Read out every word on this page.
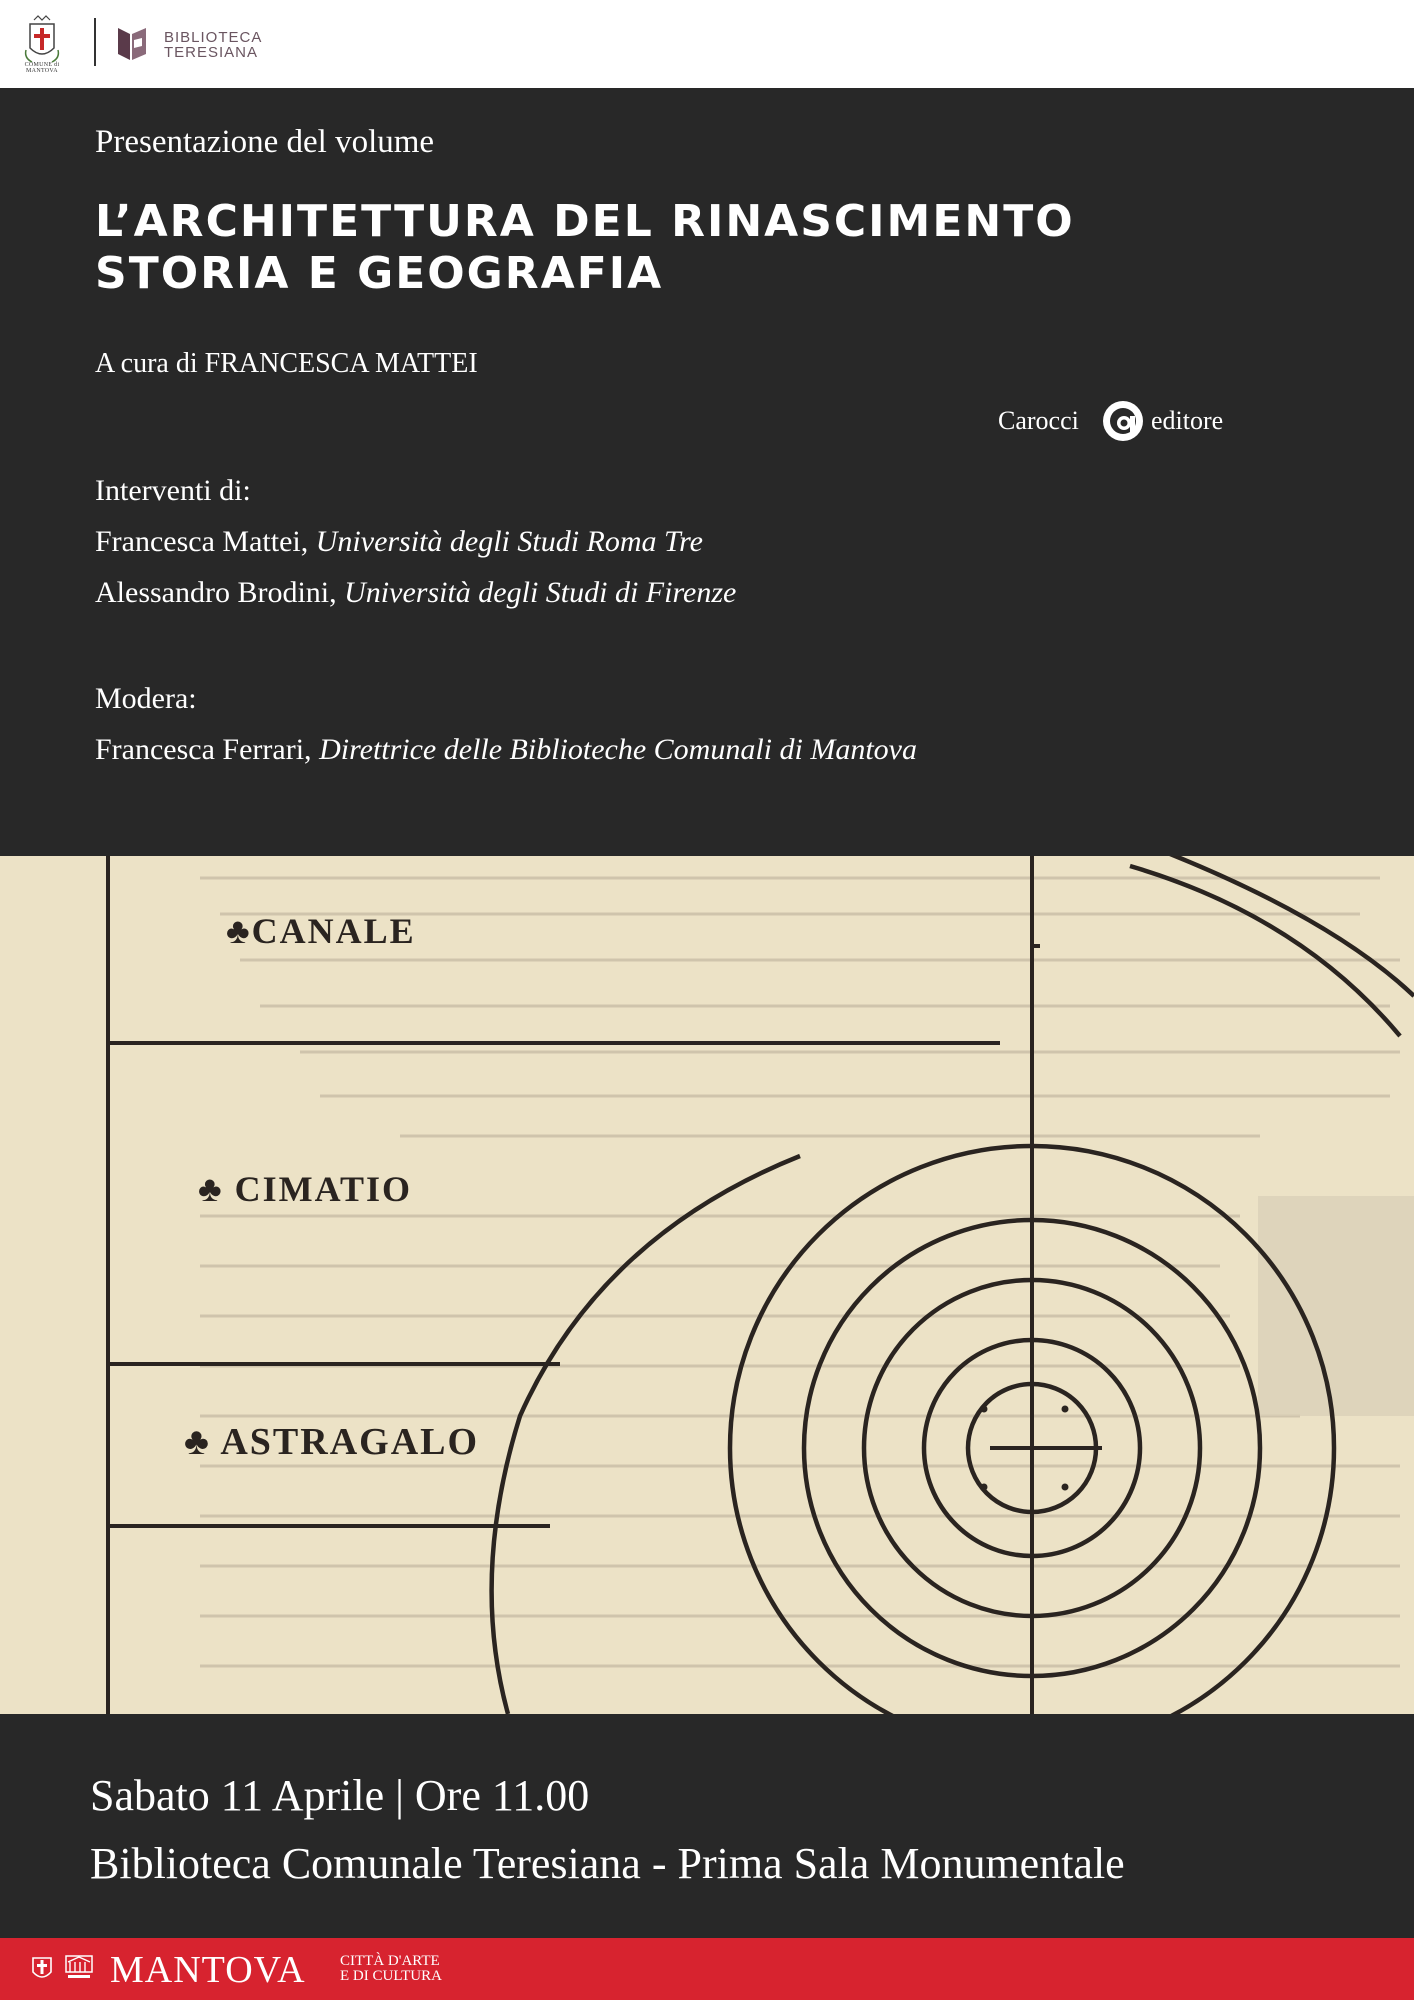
COMUNE di MANTOVA
BIBLIOTECA
TERESIANA
Presentazione del volume
L’ARCHITETTURA DEL RINASCIMENTO
STORIA E GEOGRAFIA
A cura di FRANCESCA MATTEI
Carocci	editore
Interventi di:
Francesca Mattei, Università degli Studi Roma Tre
Alessandro Brodini, Università degli Studi di Firenze
Modera:
Francesca Ferrari, Direttrice delle Biblioteche Comunali di Mantova
♣CANALE
♣ CIMATIO
♣ ASTRAGALO
Sabato 11 Aprile | Ore 11.00
Biblioteca Comunale Teresiana - Prima Sala Monumentale
MANTOVA CITTÀ D'ARTE
E DI CULTURA
